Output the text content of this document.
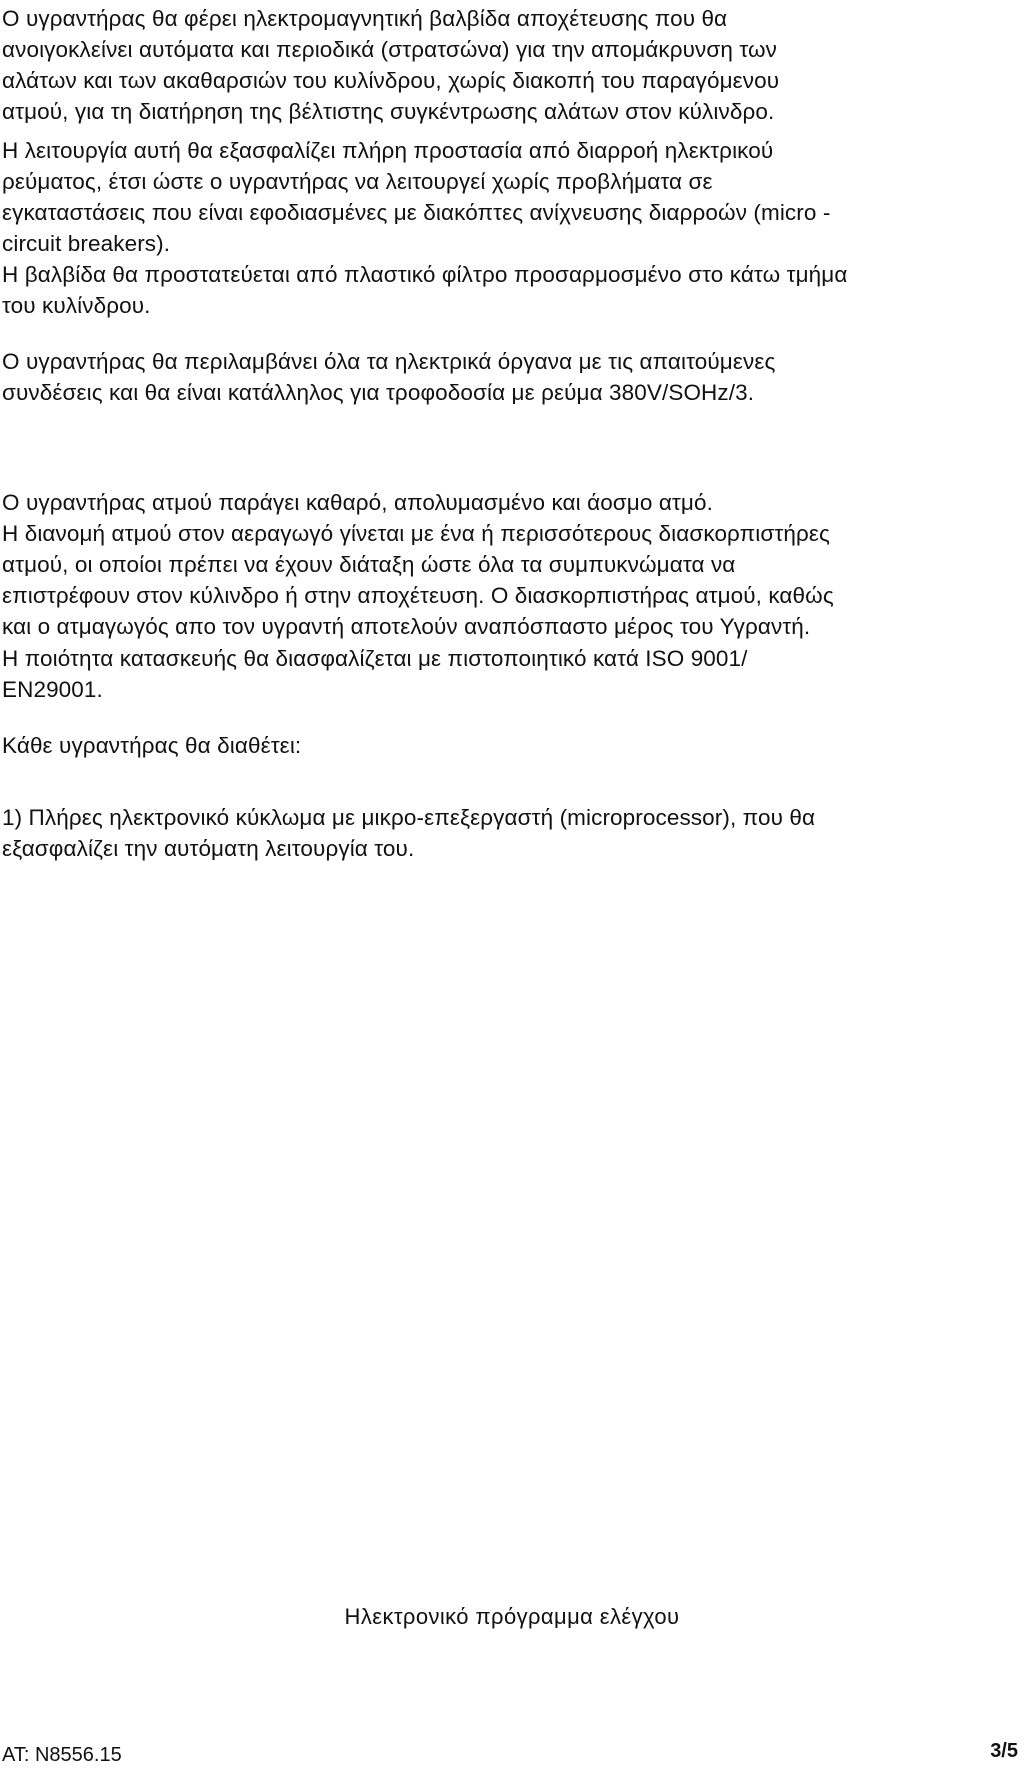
Ο υγραντήρας θα φέρει ηλεκτρομαγνητική βαλβίδα αποχέτευσης που θα
ανοιγοκλείνει αυτόματα και περιοδικά (στρατσώνα) για την απομάκρυνση των
αλάτων και των ακαθαρσιών του κυλίνδρου, χωρίς διακοπή του παραγόμενου
ατμού, για τη διατήρηση της βέλτιστης συγκέντρωσης αλάτων στον κύλινδρο.
Η λειτουργία αυτή θα εξασφαλίζει πλήρη προστασία από διαρροή ηλεκτρικού
ρεύματος, έτσι ώστε ο υγραντήρας να λειτουργεί χωρίς προβλήματα σε
εγκαταστάσεις που είναι εφοδιασμένες με διακόπτες ανίχνευσης διαρροών (micro -
circuit breakers).
Η βαλβίδα θα προστατεύεται από πλαστικό φίλτρο προσαρμοσμένο στο κάτω τμήμα
του κυλίνδρου.
Ο υγραντήρας θα περιλαμβάνει όλα τα ηλεκτρικά όργανα με τις απαιτούμενες
συνδέσεις και θα είναι κατάλληλος για τροφοδοσία με ρεύμα 380V/SOHz/3.
Ο υγραντήρας ατμού παράγει καθαρό, απολυμασμένο και άοσμο ατμό.
Η διανομή ατμού στον αεραγωγό γίνεται με ένα ή περισσότερους διασκορπιστήρες
ατμού, οι οποίοι πρέπει να έχουν διάταξη ώστε όλα τα συμπυκνώματα να
επιστρέφουν στον κύλινδρο ή στην αποχέτευση. Ο διασκορπιστήρας ατμού, καθώς
και ο ατμαγωγός απο τον υγραντή αποτελούν αναπόσπαστο μέρος του Υγραντή.
Η ποιότητα κατασκευής θα διασφαλίζεται με πιστοποιητικό κατά ISO 9001/
EN29001.
Κάθε υγραντήρας θα διαθέτει:
1) Πλήρες ηλεκτρονικό κύκλωμα με μικρο-επεξεργαστή (microprocessor), που θα
εξασφαλίζει την αυτόματη λειτουργία του.

Ηλεκτρονικό πρόγραμμα ελέγχου

ΑΤ: Ν8556.15	3/5
